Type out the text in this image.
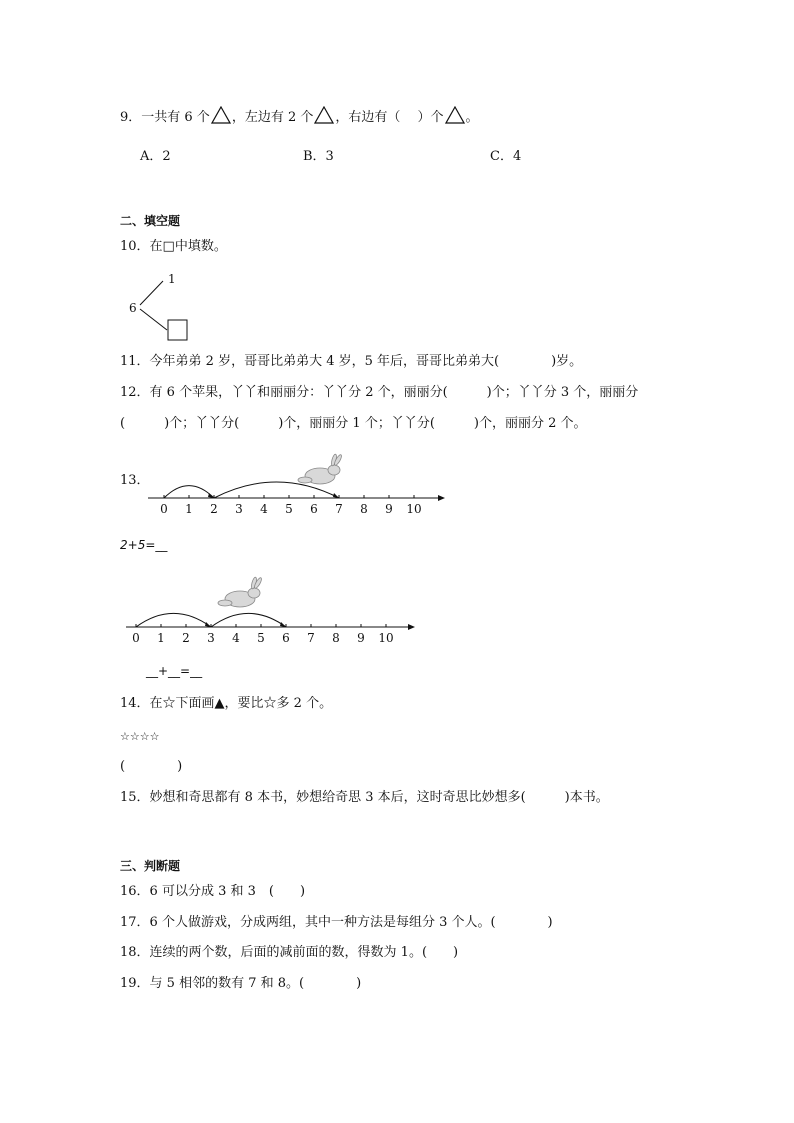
9．一共有 6 个 ，左边有 2 个 ，右边有（　 ）个 。
A．2	B．3	C．4
二、填空题
10．在□中填数。
6
1
11．今年弟弟 2 岁，哥哥比弟弟大 4 岁，5 年后，哥哥比弟弟大(　　　　)岁。
12．有 6 个苹果，丫丫和丽丽分：丫丫分 2 个，丽丽分(　　　)个；丫丫分 3 个，丽丽分
(　　　)个；丫丫分(　　　)个，丽丽分 1 个；丫丫分(　　　)个，丽丽分 2 个。
13．
0 1 2 3 4 5 6 7 8 9 10
2+5=__
0 1 2 3 4 5 6 7 8 9 10
__+__=__
14．在☆下面画▲，要比☆多 2 个。
☆☆☆☆
(　　　　)
15．妙想和奇思都有 8 本书，妙想给奇思 3 本后，这时奇思比妙想多(　　　)本书。
三、判断题
16．6 可以分成 3 和 3　(　　)
17．6 个人做游戏，分成两组，其中一种方法是每组分 3 个人。(　　　　)
18．连续的两个数，后面的减前面的数，得数为 1。(　　)
19．与 5 相邻的数有 7 和 8。(　　　　)
